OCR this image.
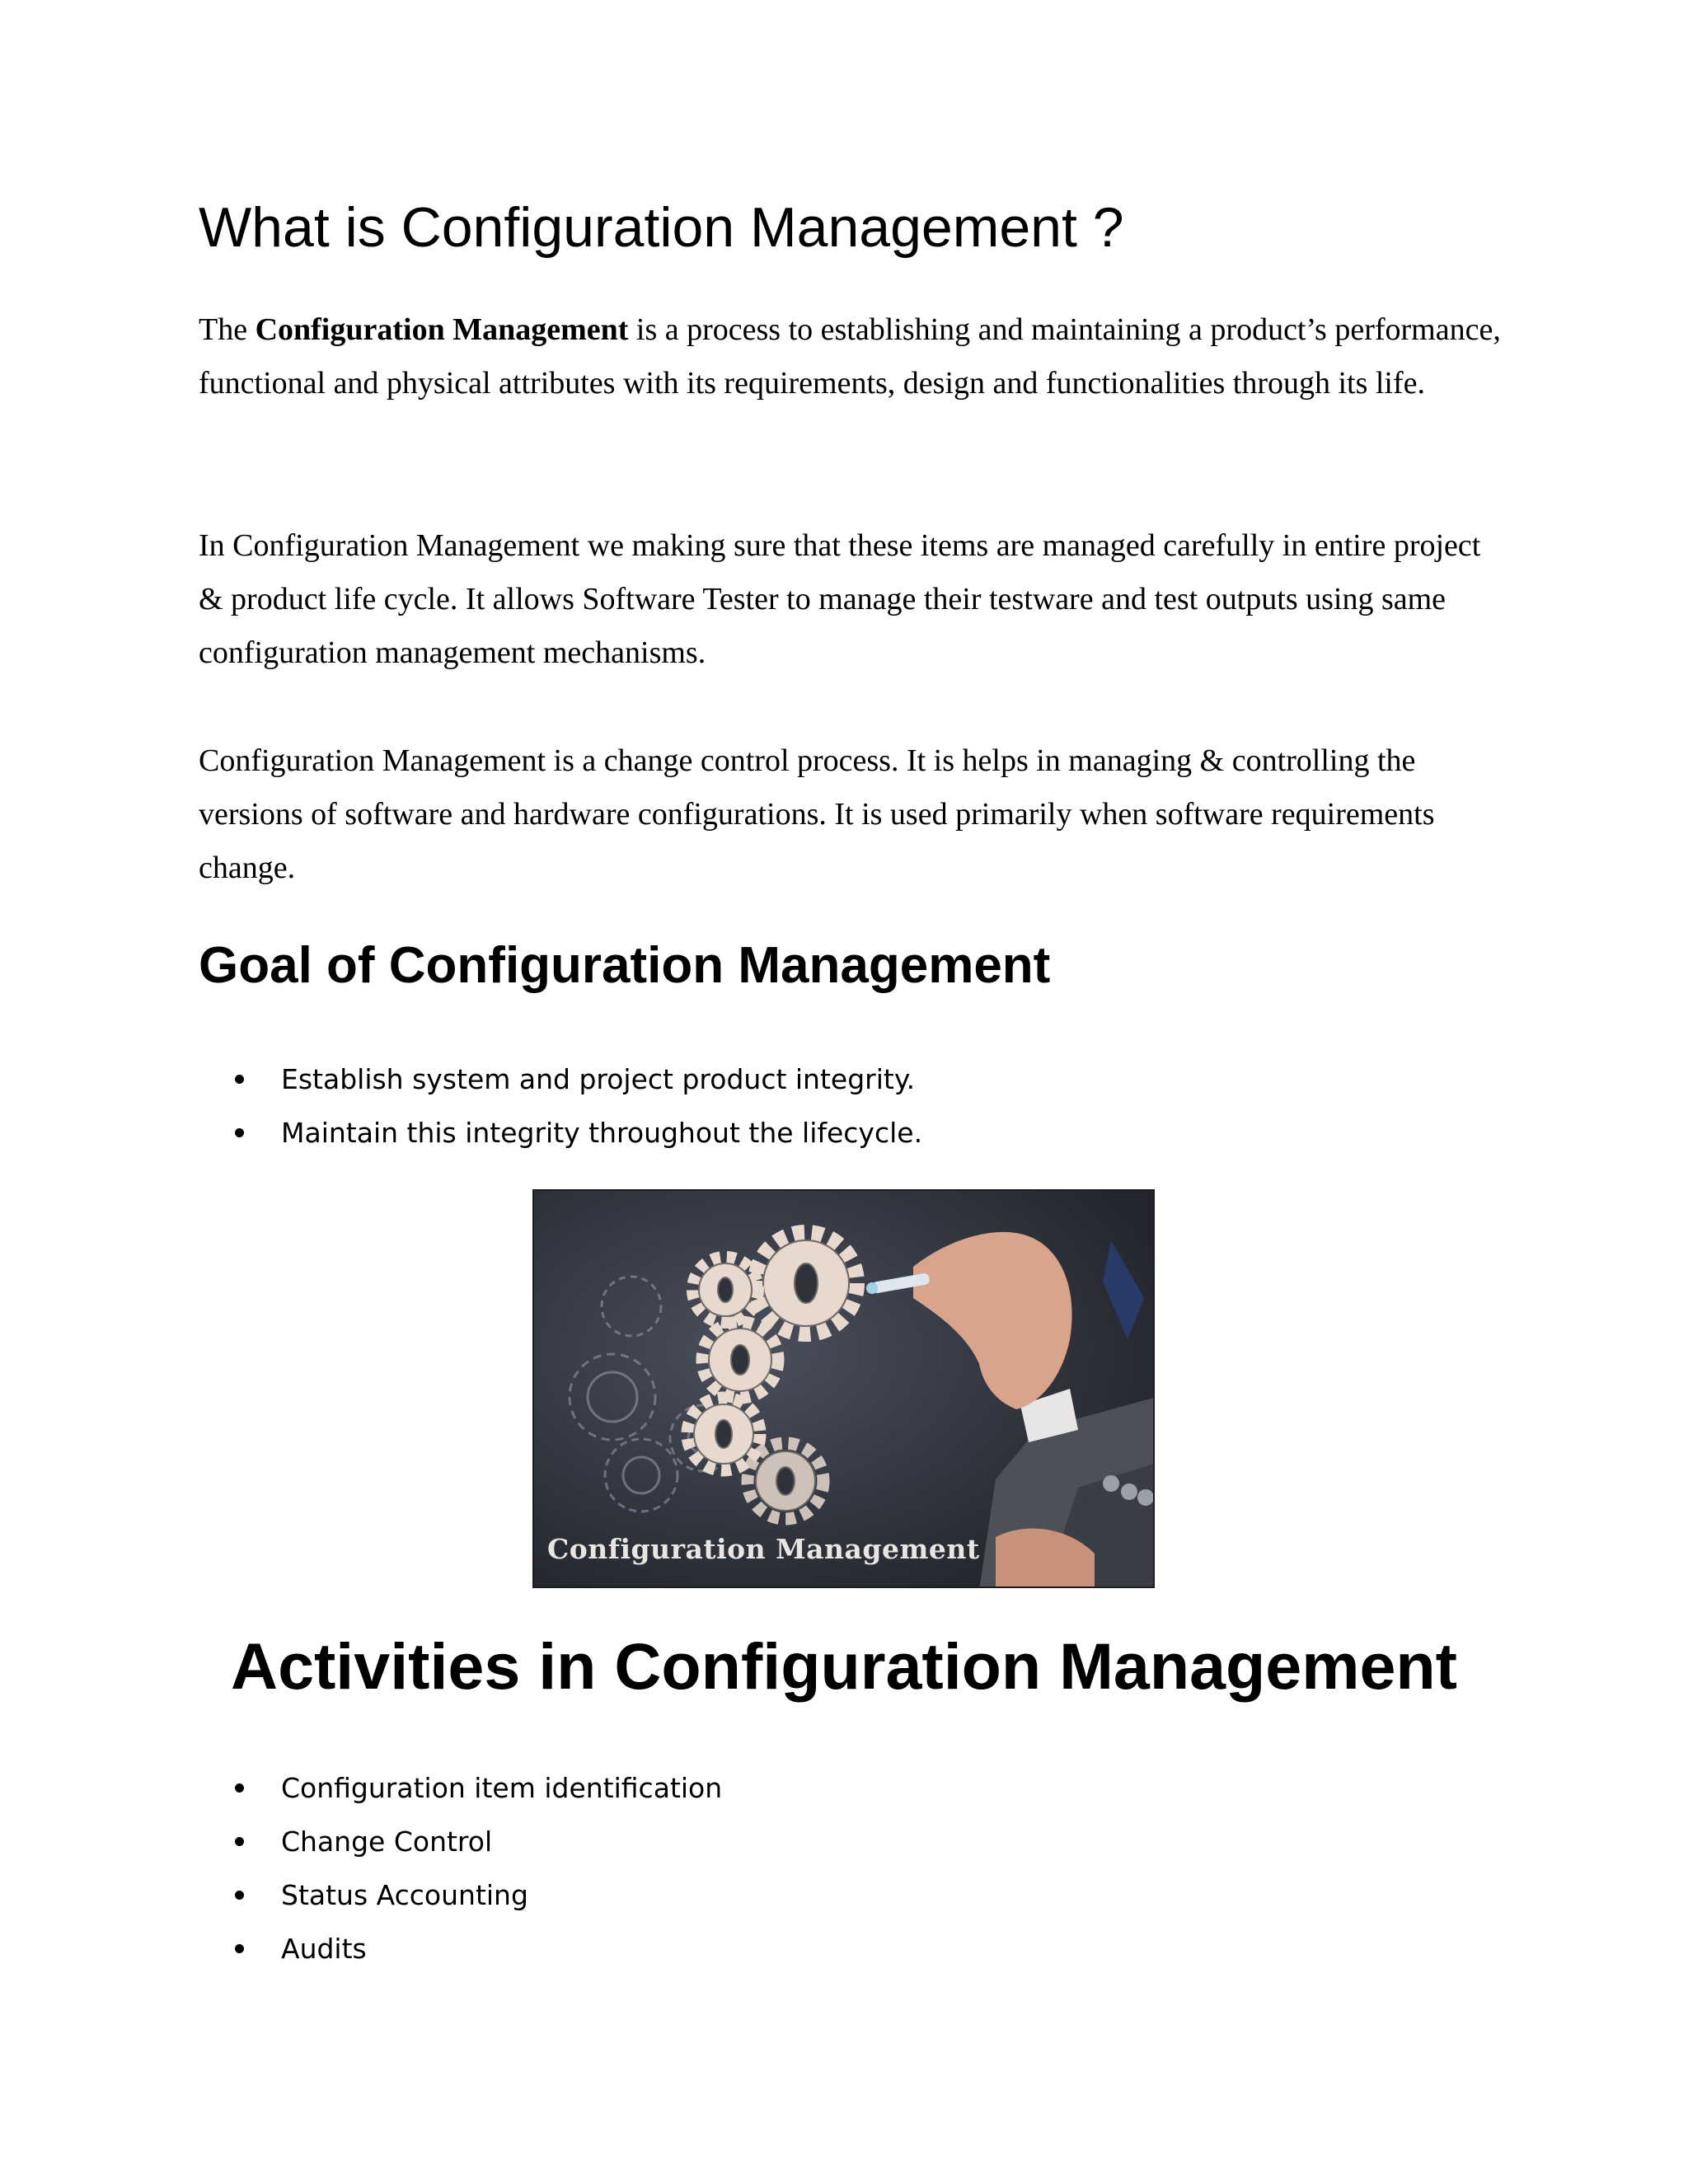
What is Configuration Management ?

The Configuration Management is a process to establishing and maintaining a product’s performance, functional and physical attributes with its requirements, design and functionalities through its life.

In Configuration Management we making sure that these items are managed carefully in entire project & product life cycle. It allows Software Tester to manage their testware and test outputs using same configuration management mechanisms.

Configuration Management is a change control process. It is helps in managing & controlling the versions of software and hardware configurations. It is used primarily when software requirements change.

Goal of Configuration Management
Establish system and project product integrity.
Maintain this integrity throughout the lifecycle.
Configuration Management
Activities in Configuration Management
Configuration item identification
Change Control
Status Accounting
Audits
